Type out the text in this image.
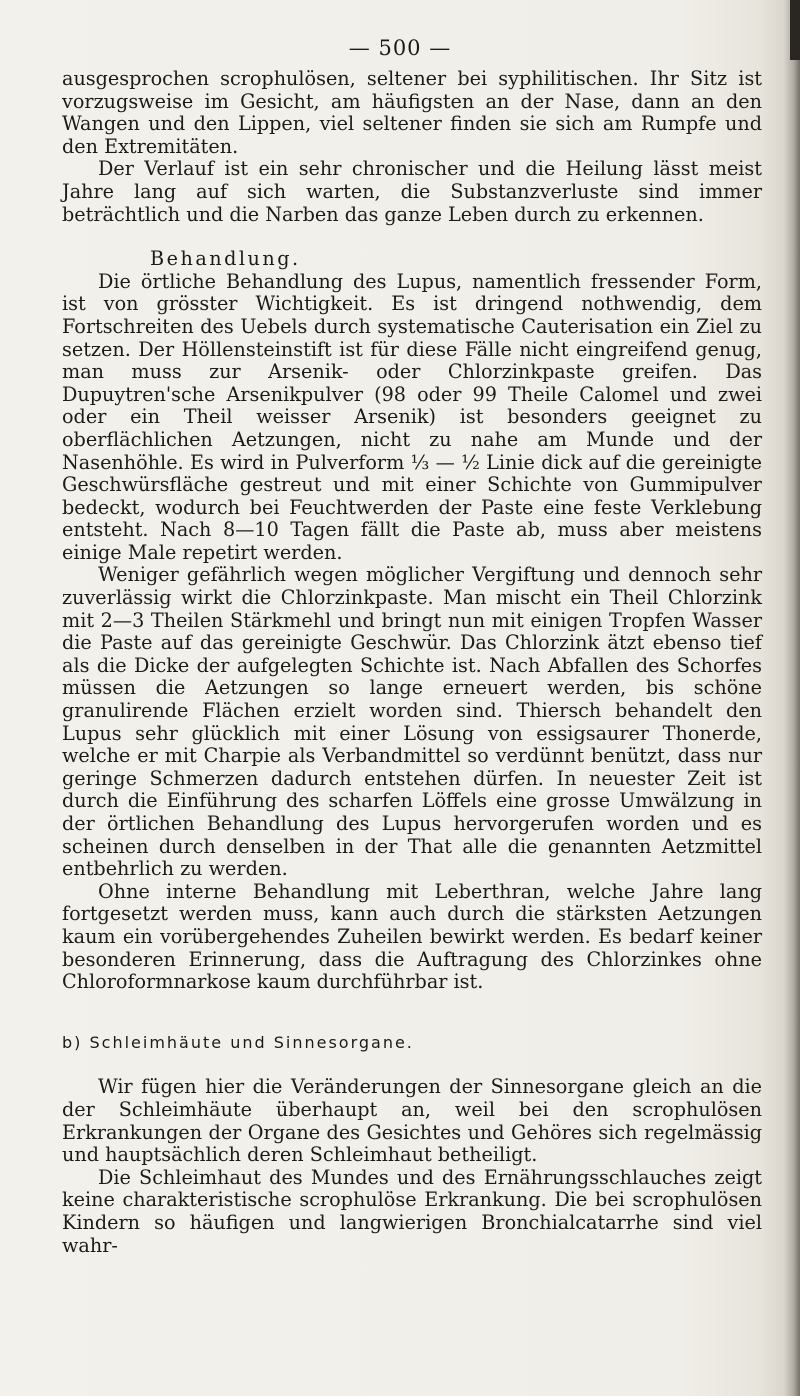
— 500 —

ausgesprochen scrophulösen, seltener bei syphilitischen. Ihr Sitz ist vorzugsweise im Gesicht, am häufigsten an der Nase, dann an den Wangen und den Lippen, viel seltener finden sie sich am Rumpfe und den Extremitäten.

Der Verlauf ist ein sehr chronischer und die Heilung lässt meist Jahre lang auf sich warten, die Substanzverluste sind immer beträchtlich und die Narben das ganze Leben durch zu erkennen.

Behandlung.

Die örtliche Behandlung des Lupus, namentlich fressender Form, ist von grösster Wichtigkeit. Es ist dringend nothwendig, dem Fortschreiten des Uebels durch systematische Cauterisation ein Ziel zu setzen. Der Höllensteinstift ist für diese Fälle nicht eingreifend genug, man muss zur Arsenik- oder Chlorzinkpaste greifen. Das Dupuytren'sche Arsenikpulver (98 oder 99 Theile Calomel und zwei oder ein Theil weisser Arsenik) ist besonders geeignet zu oberflächlichen Aetzungen, nicht zu nahe am Munde und der Nasenhöhle. Es wird in Pulverform ⅓ — ½ Linie dick auf die gereinigte Geschwürsfläche gestreut und mit einer Schichte von Gummipulver bedeckt, wodurch bei Feuchtwerden der Paste eine feste Verklebung entsteht. Nach 8—10 Tagen fällt die Paste ab, muss aber meistens einige Male repetirt werden.

Weniger gefährlich wegen möglicher Vergiftung und dennoch sehr zuverlässig wirkt die Chlorzinkpaste. Man mischt ein Theil Chlorzink mit 2—3 Theilen Stärkmehl und bringt nun mit einigen Tropfen Wasser die Paste auf das gereinigte Geschwür. Das Chlorzink ätzt ebenso tief als die Dicke der aufgelegten Schichte ist. Nach Abfallen des Schorfes müssen die Aetzungen so lange erneuert werden, bis schöne granulirende Flächen erzielt worden sind. Thiersch behandelt den Lupus sehr glücklich mit einer Lösung von essigsaurer Thonerde, welche er mit Charpie als Verbandmittel so verdünnt benützt, dass nur geringe Schmerzen dadurch entstehen dürfen. In neuester Zeit ist durch die Einführung des scharfen Löffels eine grosse Umwälzung in der örtlichen Behandlung des Lupus hervorgerufen worden und es scheinen durch denselben in der That alle die genannten Aetzmittel entbehrlich zu werden.

Ohne interne Behandlung mit Leberthran, welche Jahre lang fortgesetzt werden muss, kann auch durch die stärksten Aetzungen kaum ein vorübergehendes Zuheilen bewirkt werden. Es bedarf keiner besonderen Erinnerung, dass die Auftragung des Chlorzinkes ohne Chloroformnarkose kaum durchführbar ist.

b) Schleimhäute und Sinnesorgane.

Wir fügen hier die Veränderungen der Sinnesorgane gleich an die der Schleimhäute überhaupt an, weil bei den scrophulösen Erkrankungen der Organe des Gesichtes und Gehöres sich regelmässig und hauptsächlich deren Schleimhaut betheiligt.

Die Schleimhaut des Mundes und des Ernährungsschlauches zeigt keine charakteristische scrophulöse Erkrankung. Die bei scrophulösen Kindern so häufigen und langwierigen Bronchialcatarrhe sind viel wahr-
